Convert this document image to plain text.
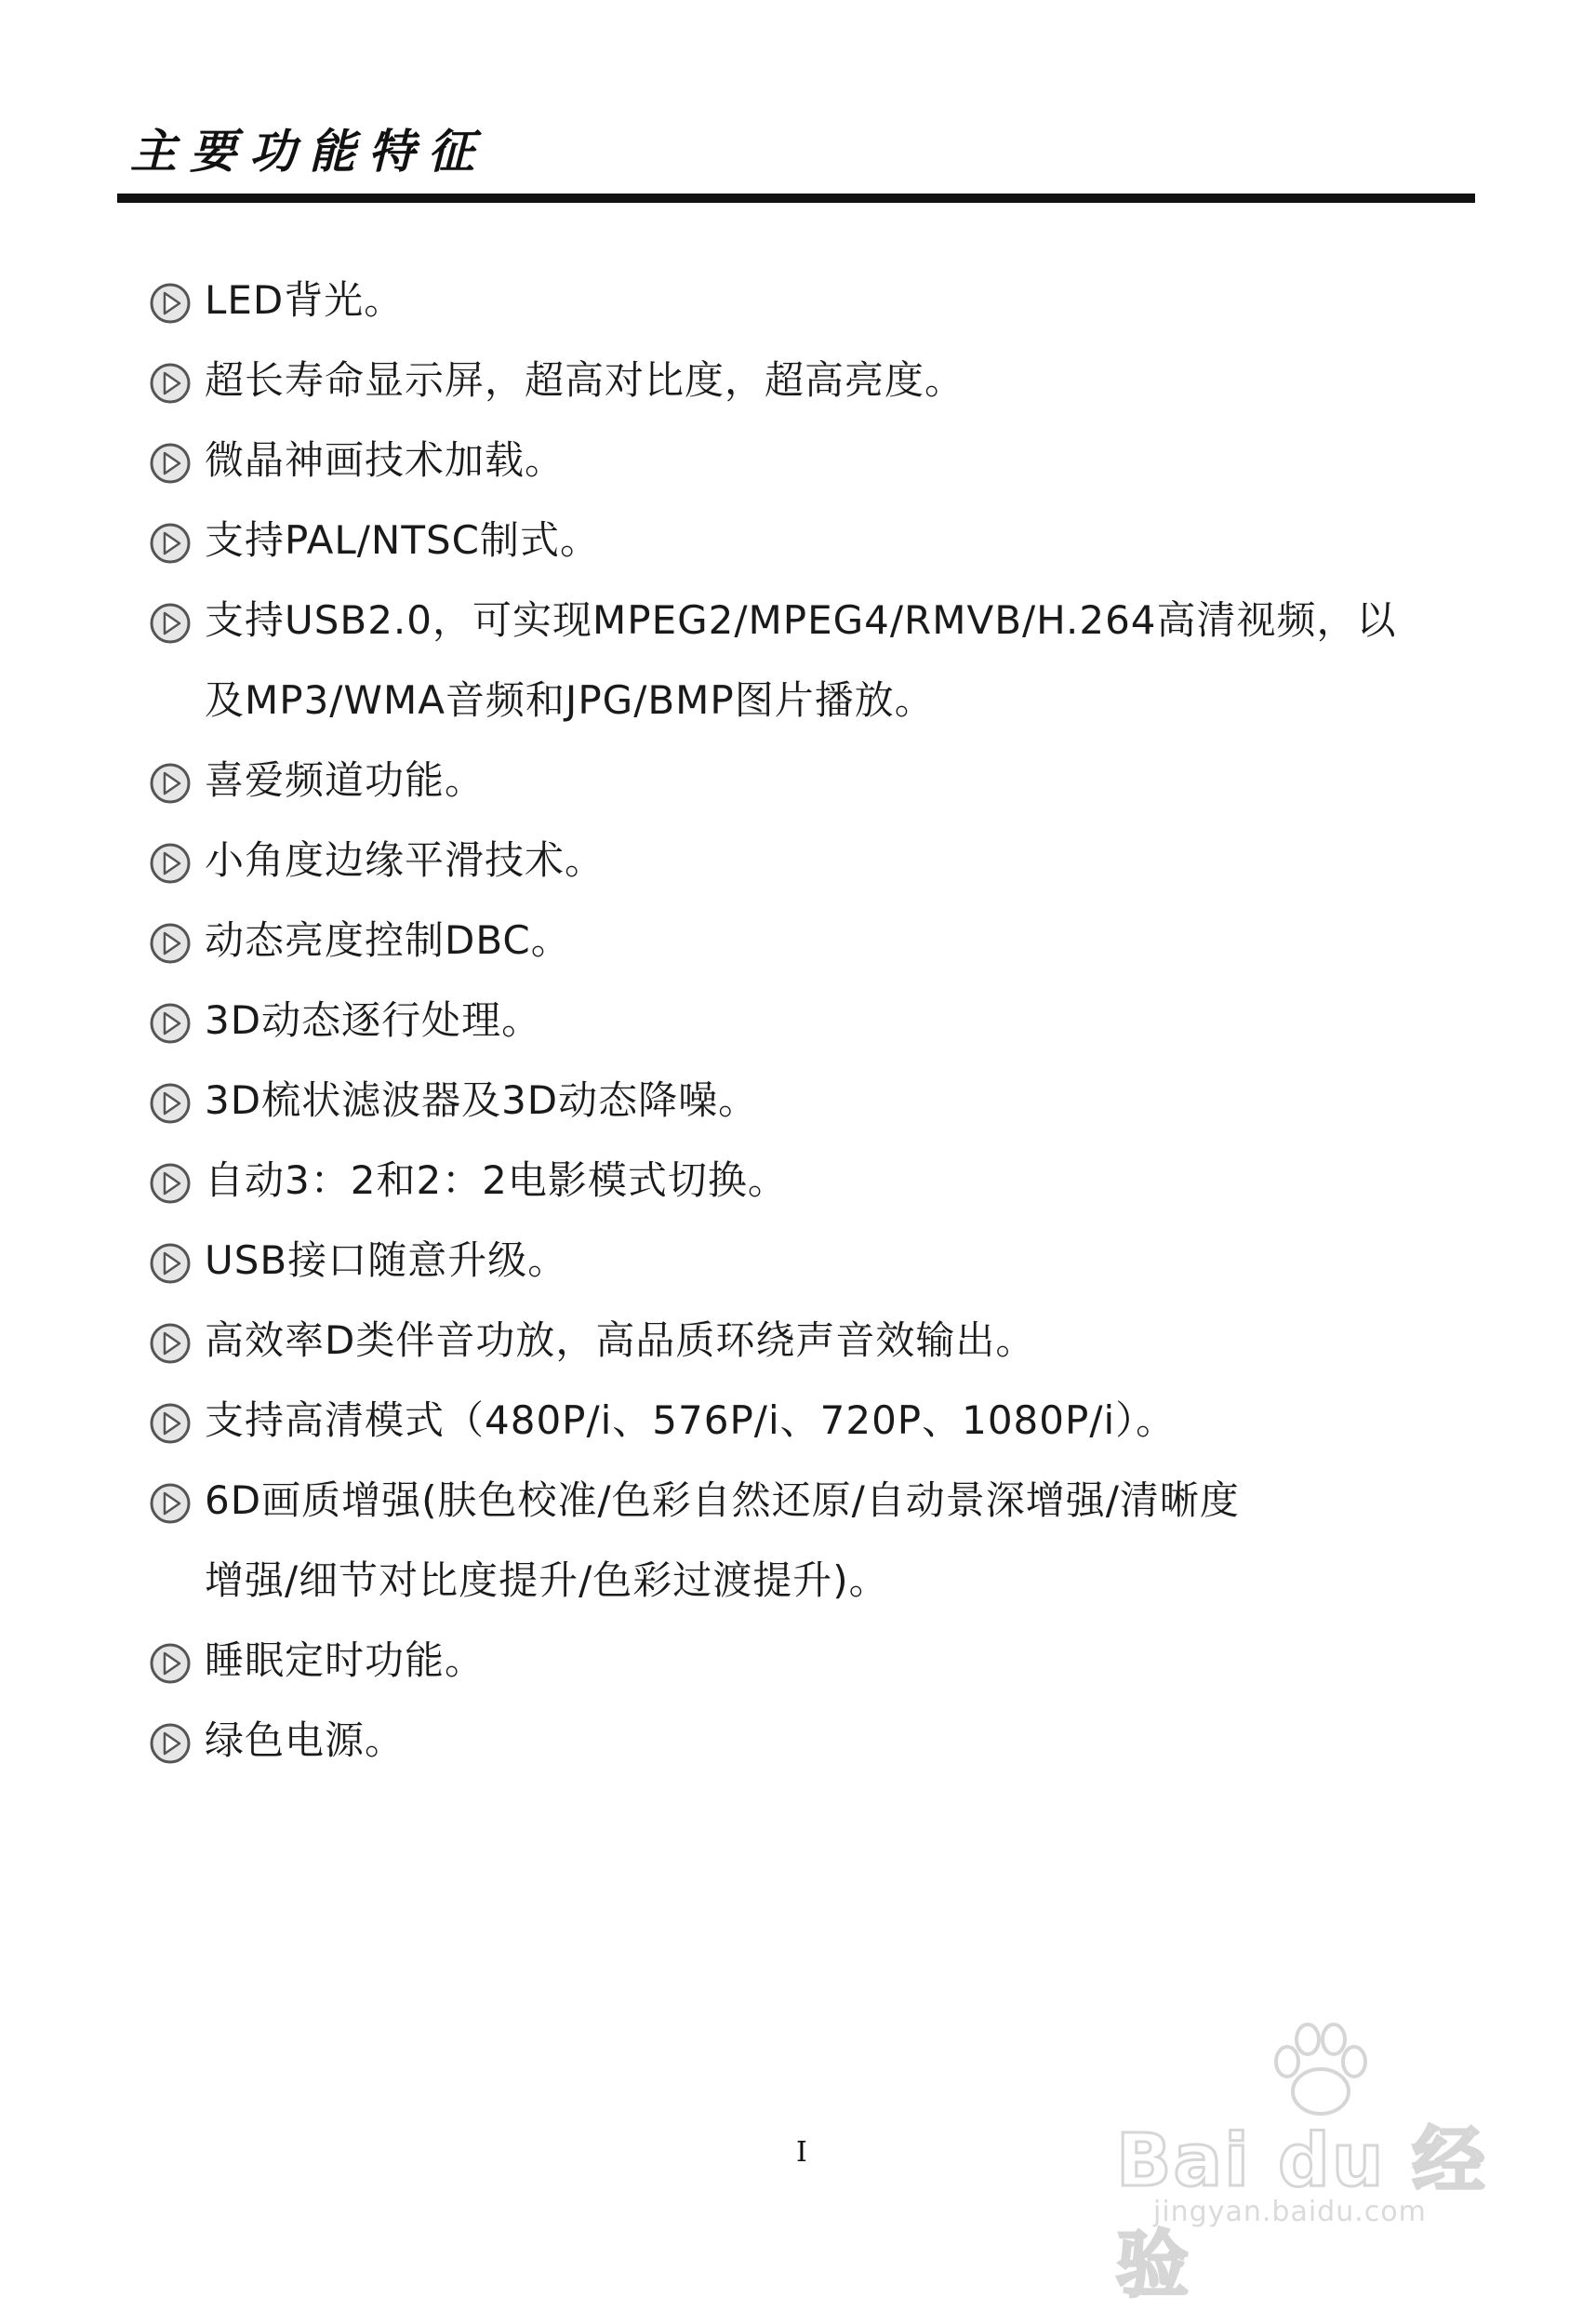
主要功能特征
LED背光。
超长寿命显示屏，超高对比度，超高亮度。
微晶神画技术加载。
支持PAL/NTSC制式。
支持USB2.0，可实现MPEG2/MPEG4/RMVB/H.264高清视频，以
及MP3/WMA音频和JPG/BMP图片播放。
喜爱频道功能。
小角度边缘平滑技术。
动态亮度控制DBC。
3D动态逐行处理。
3D梳状滤波器及3D动态降噪。
自动3：2和2：2电影模式切换。
USB接口随意升级。
高效率D类伴音功放，高品质环绕声音效输出。
支持高清模式（480P/i、576P/i、720P、1080P/i）。
6D画质增强(肤色校准/色彩自然还原/自动景深增强/清晰度
增强/细节对比度提升/色彩过渡提升)。
睡眠定时功能。
绿色电源。
I	Bai du 经验
jingyan.baidu.com
